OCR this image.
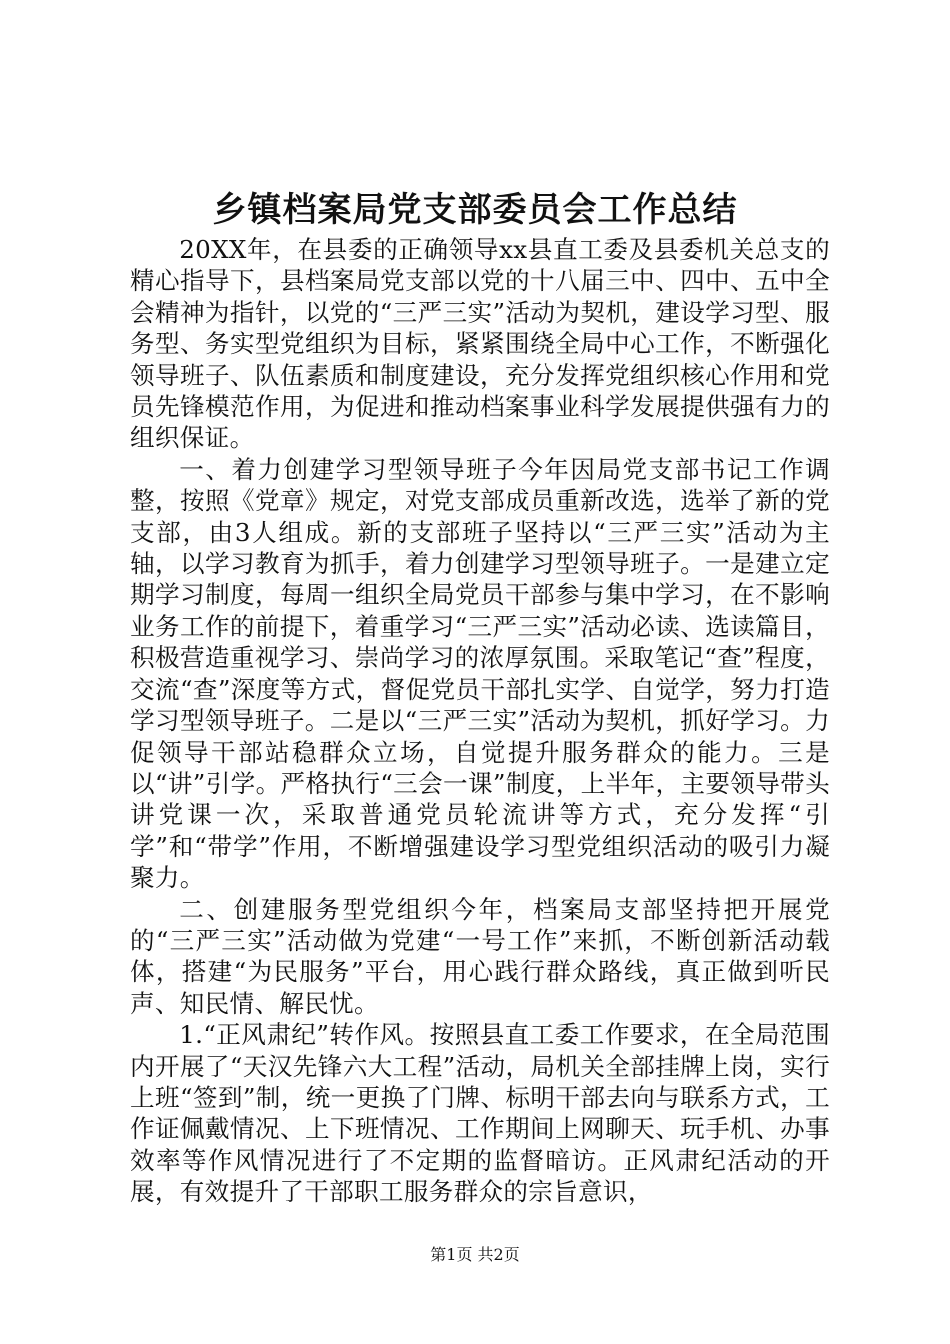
乡镇档案局党支部委员会工作总结

20XX年，在县委的正确领导xx县直工委及县委机关总支的精心指导下，县档案局党支部以党的十八届三中、四中、五中全会精神为指针，以党的“三严三实”活动为契机，建设学习型、服务型、务实型党组织为目标，紧紧围绕全局中心工作，不断强化领导班子、队伍素质和制度建设，充分发挥党组织核心作用和党员先锋模范作用，为促进和推动档案事业科学发展提供强有力的组织保证。

一、着力创建学习型领导班子今年因局党支部书记工作调整，按照《党章》规定，对党支部成员重新改选，选举了新的党支部，由3人组成。新的支部班子坚持以“三严三实”活动为主轴，以学习教育为抓手，着力创建学习型领导班子。一是建立定期学习制度，每周一组织全局党员干部参与集中学习，在不影响业务工作的前提下，着重学习“三严三实”活动必读、选读篇目，积极营造重视学习、崇尚学习的浓厚氛围。采取笔记“查”程度，交流“查”深度等方式，督促党员干部扎实学、自觉学，努力打造学习型领导班子。二是以“三严三实”活动为契机，抓好学习。力促领导干部站稳群众立场，自觉提升服务群众的能力。三是以“讲”引学。严格执行“三会一课”制度，上半年，主要领导带头讲党课一次，采取普通党员轮流讲等方式，充分发挥“引学”和“带学”作用，不断增强建设学习型党组织活动的吸引力凝聚力。

二、创建服务型党组织今年，档案局支部坚持把开展党的“三严三实”活动做为党建“一号工作”来抓，不断创新活动载体，搭建“为民服务”平台，用心践行群众路线，真正做到听民声、知民情、解民忧。

1.“正风肃纪”转作风。按照县直工委工作要求，在全局范围内开展了“天汉先锋六大工程”活动，局机关全部挂牌上岗，实行上班“签到”制，统一更换了门牌、标明干部去向与联系方式，工作证佩戴情况、上下班情况、工作期间上网聊天、玩手机、办事效率等作风情况进行了不定期的监督暗访。正风肃纪活动的开展，有效提升了干部职工服务群众的宗旨意识，

第1页 共2页
